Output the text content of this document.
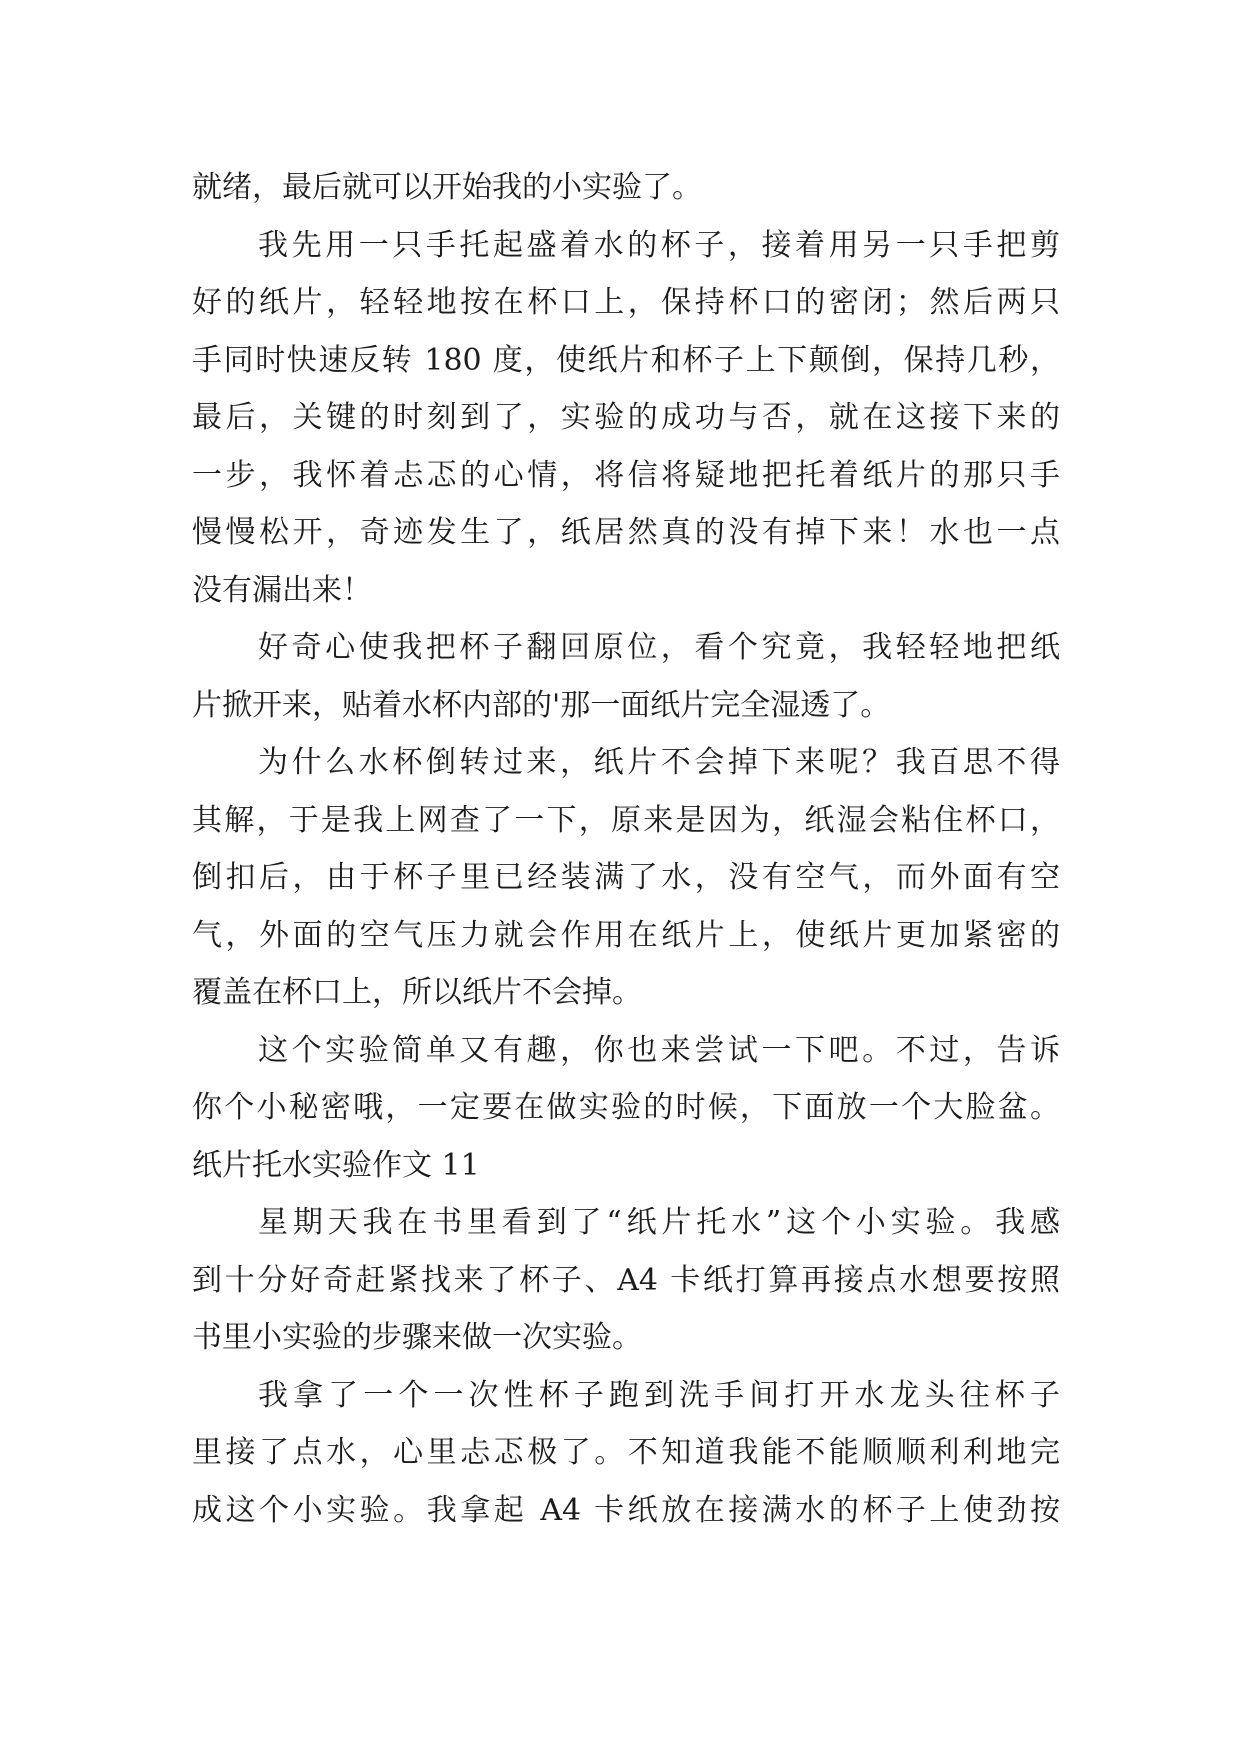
就绪，最后就可以开始我的小实验了。
我先用一只手托起盛着水的杯子，接着用另一只手把剪
好的纸片，轻轻地按在杯口上，保持杯口的密闭；然后两只
手同时快速反转 180 度，使纸片和杯子上下颠倒，保持几秒，
最后，关键的时刻到了，实验的成功与否，就在这接下来的
一步，我怀着忐忑的心情，将信将疑地把托着纸片的那只手
慢慢松开，奇迹发生了，纸居然真的没有掉下来！水也一点
没有漏出来！
好奇心使我把杯子翻回原位，看个究竟，我轻轻地把纸
片掀开来，贴着水杯内部的'那一面纸片完全湿透了。
为什么水杯倒转过来，纸片不会掉下来呢？我百思不得
其解，于是我上网查了一下，原来是因为，纸湿会粘住杯口，
倒扣后，由于杯子里已经装满了水，没有空气，而外面有空
气，外面的空气压力就会作用在纸片上，使纸片更加紧密的
覆盖在杯口上，所以纸片不会掉。
这个实验简单又有趣，你也来尝试一下吧。不过，告诉
你个小秘密哦，一定要在做实验的时候，下面放一个大脸盆。
纸片托水实验作文 11
星期天我在书里看到了“纸片托水”这个小实验。我感
到十分好奇赶紧找来了杯子、A4 卡纸打算再接点水想要按照
书里小实验的步骤来做一次实验。
我拿了一个一次性杯子跑到洗手间打开水龙头往杯子
里接了点水，心里忐忑极了。不知道我能不能顺顺利利地完
成这个小实验。我拿起 A4 卡纸放在接满水的杯子上使劲按
